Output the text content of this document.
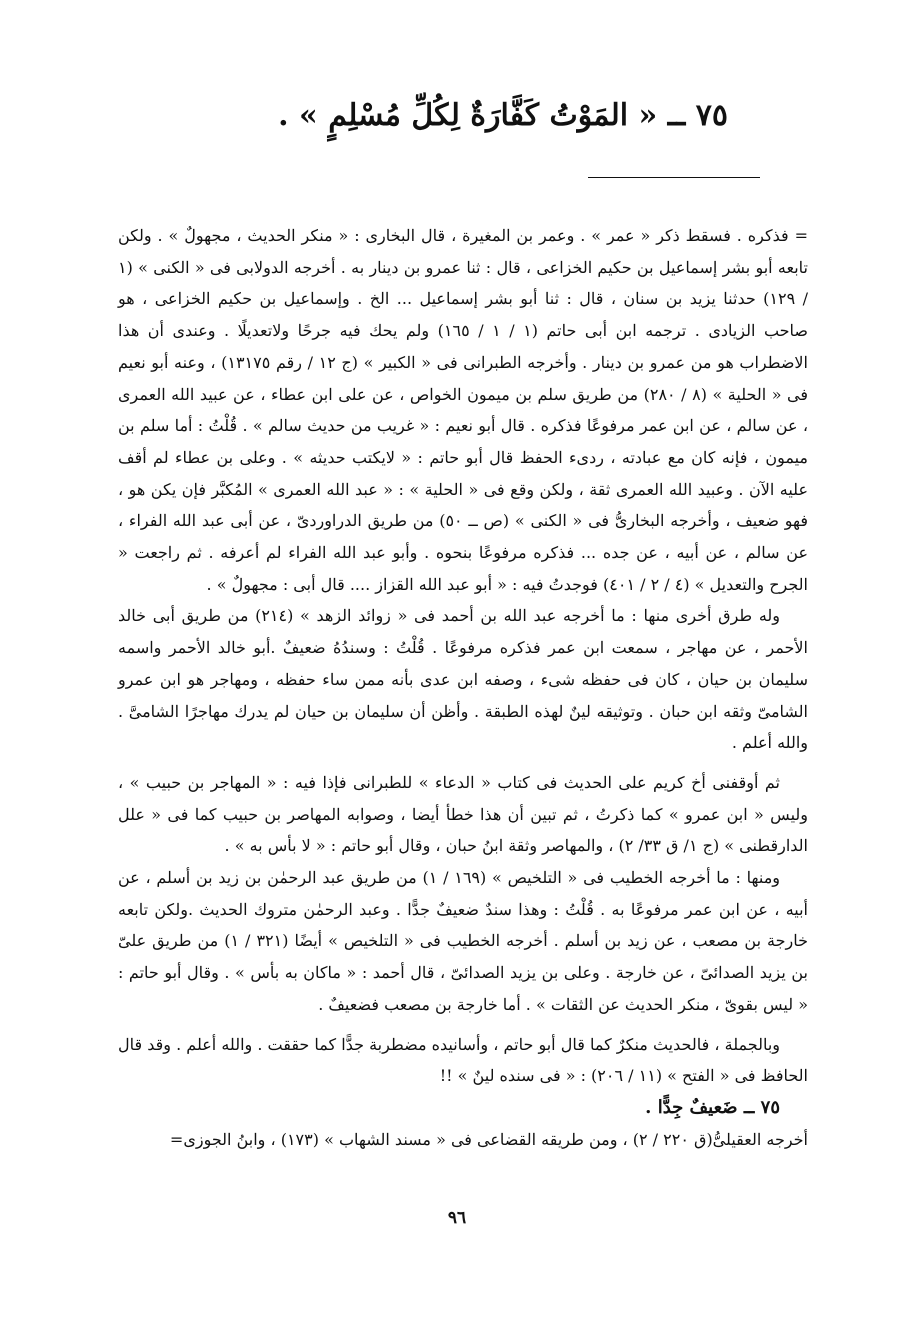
٧٥ ــ « المَوْتُ كَفَّارَةٌ لِكُلِّ مُسْلِمٍ » .

= فذكره . فسقط ذكر « عمر » . وعمر بن المغيرة ، قال البخارى : « منكر الحديث ، مجهولٌ » . ولكن تابعه أبو بشر إسماعيل بن حكيم الخزاعى ، قال : ثنا عمرو بن دينار به . أخرجه الدولابى فى « الكنى » (١ / ١٢٩) حدثنا يزيد بن سنان ، قال : ثنا أبو بشر إسماعيل ... الخ . وإسماعيل بن حكيم الخزاعى ، هو صاحب الزيادى . ترجمه ابن أبى حاتم (١ / ١ / ١٦٥) ولم يحك فيه جرحًا ولاتعديلًا . وعندى أن هذا الاضطراب هو من عمرو بن دينار . وأخرجه الطبرانى فى « الكبير » (ج ١٢ / رقم ١٣١٧٥) ، وعنه أبو نعيم فى « الحلية » (٨ / ٢٨٠) من طريق سلم بن ميمون الخواص ، عن على ابن عطاء ، عن عبيد الله العمرى ، عن سالم ، عن ابن عمر مرفوعًا فذكره . قال أبو نعيم : « غريب من حديث سالم » . قُلْتُ : أما سلم بن ميمون ، فإنه كان مع عبادته ، ردىء الحفظ قال أبو حاتم : « لايكتب حديثه » . وعلى بن عطاء لم أقف عليه الآن . وعبيد الله العمرى ثقة ، ولكن وقع فى « الحلية » : « عبد الله العمرى » المُكبَّر فإن يكن هو ، فهو ضعيف ، وأخرجه البخارىُّ فى « الكنى » (ص ــ ٥٠) من طريق الدراوردىّ ، عن أبى عبد الله الفراء ، عن سالم ، عن أبيه ، عن جده ... فذكره مرفوعًا بنحوه . وأبو عبد الله الفراء لم أعرفه . ثم راجعت « الجرح والتعديل » (٤ / ٢ / ٤٠١) فوجدتُ فيه : « أبو عبد الله القزاز .... قال أبى : مجهولٌ » .

وله طرق أخرى منها : ما أخرجه عبد الله بن أحمد فى « زوائد الزهد » (٢١٤) من طريق أبى خالد الأحمر ، عن مهاجر ، سمعت ابن عمر فذكره مرفوعًا . قُلْتُ : وسندُهُ ضعيفٌ .أبو خالد الأحمر واسمه سليمان بن حيان ، كان فى حفظه شىء ، وصفه ابن عدى بأنه ممن ساء حفظه ، ومهاجر هو ابن عمرو الشامىّ وثقه ابن حبان . وتوثيقه لينٌ لهذه الطبقة . وأظن أن سليمان بن حيان لم يدرك مهاجرًا الشامىَّ . والله أعلم .

ثم أوقفنى أخ كريم على الحديث فى كتاب « الدعاء » للطبرانى فإذا فيه : « المهاجر بن حبيب » ، وليس « ابن عمرو » كما ذكرتُ ، ثم تبين أن هذا خطأ أيضا ، وصوابه المهاصر بن حبيب كما فى « علل الدارقطنى » (ج ١/ ق ٣٣/ ٢) ، والمهاصر وثقة ابنُ حبان ، وقال أبو حاتم : « لا بأس به » .

ومنها : ما أخرجه الخطيب فى « التلخيص » (١٦٩ / ١) من طريق عبد الرحمٰن بن زيد بن أسلم ، عن أبيه ، عن ابن عمر مرفوعًا به . قُلْتُ : وهذا سندٌ ضعيفٌ جدًّا . وعبد الرحمٰن متروك الحديث .ولكن تابعه خارجة بن مصعب ، عن زيد بن أسلم . أخرجه الخطيب فى « التلخيص » أيضًا (٣٢١ / ١) من طريق علىّ بن يزيد الصدائىّ ، عن خارجة . وعلى بن يزيد الصدائىّ ، قال أحمد : « ماكان به بأس » . وقال أبو حاتم : « ليس بقوىّ ، منكر الحديث عن الثقات » . أما خارجة بن مصعب فضعيفٌ .

وبالجملة ، فالحديث منكرٌ كما قال أبو حاتم ، وأسانيده مضطربة جدًّا كما حققت . والله أعلم . وقد قال الحافظ فى « الفتح » (١١ / ٢٠٦) : « فى سنده لينٌ » !!

٧٥ ــ ضَعيفٌ جِدًّا .

أخرجه العقيلىُّ(ق ٢٢٠ / ٢) ، ومن طريقه القضاعى فى « مسند الشهاب » (١٧٣) ، وابنُ الجوزى=

٩٦
